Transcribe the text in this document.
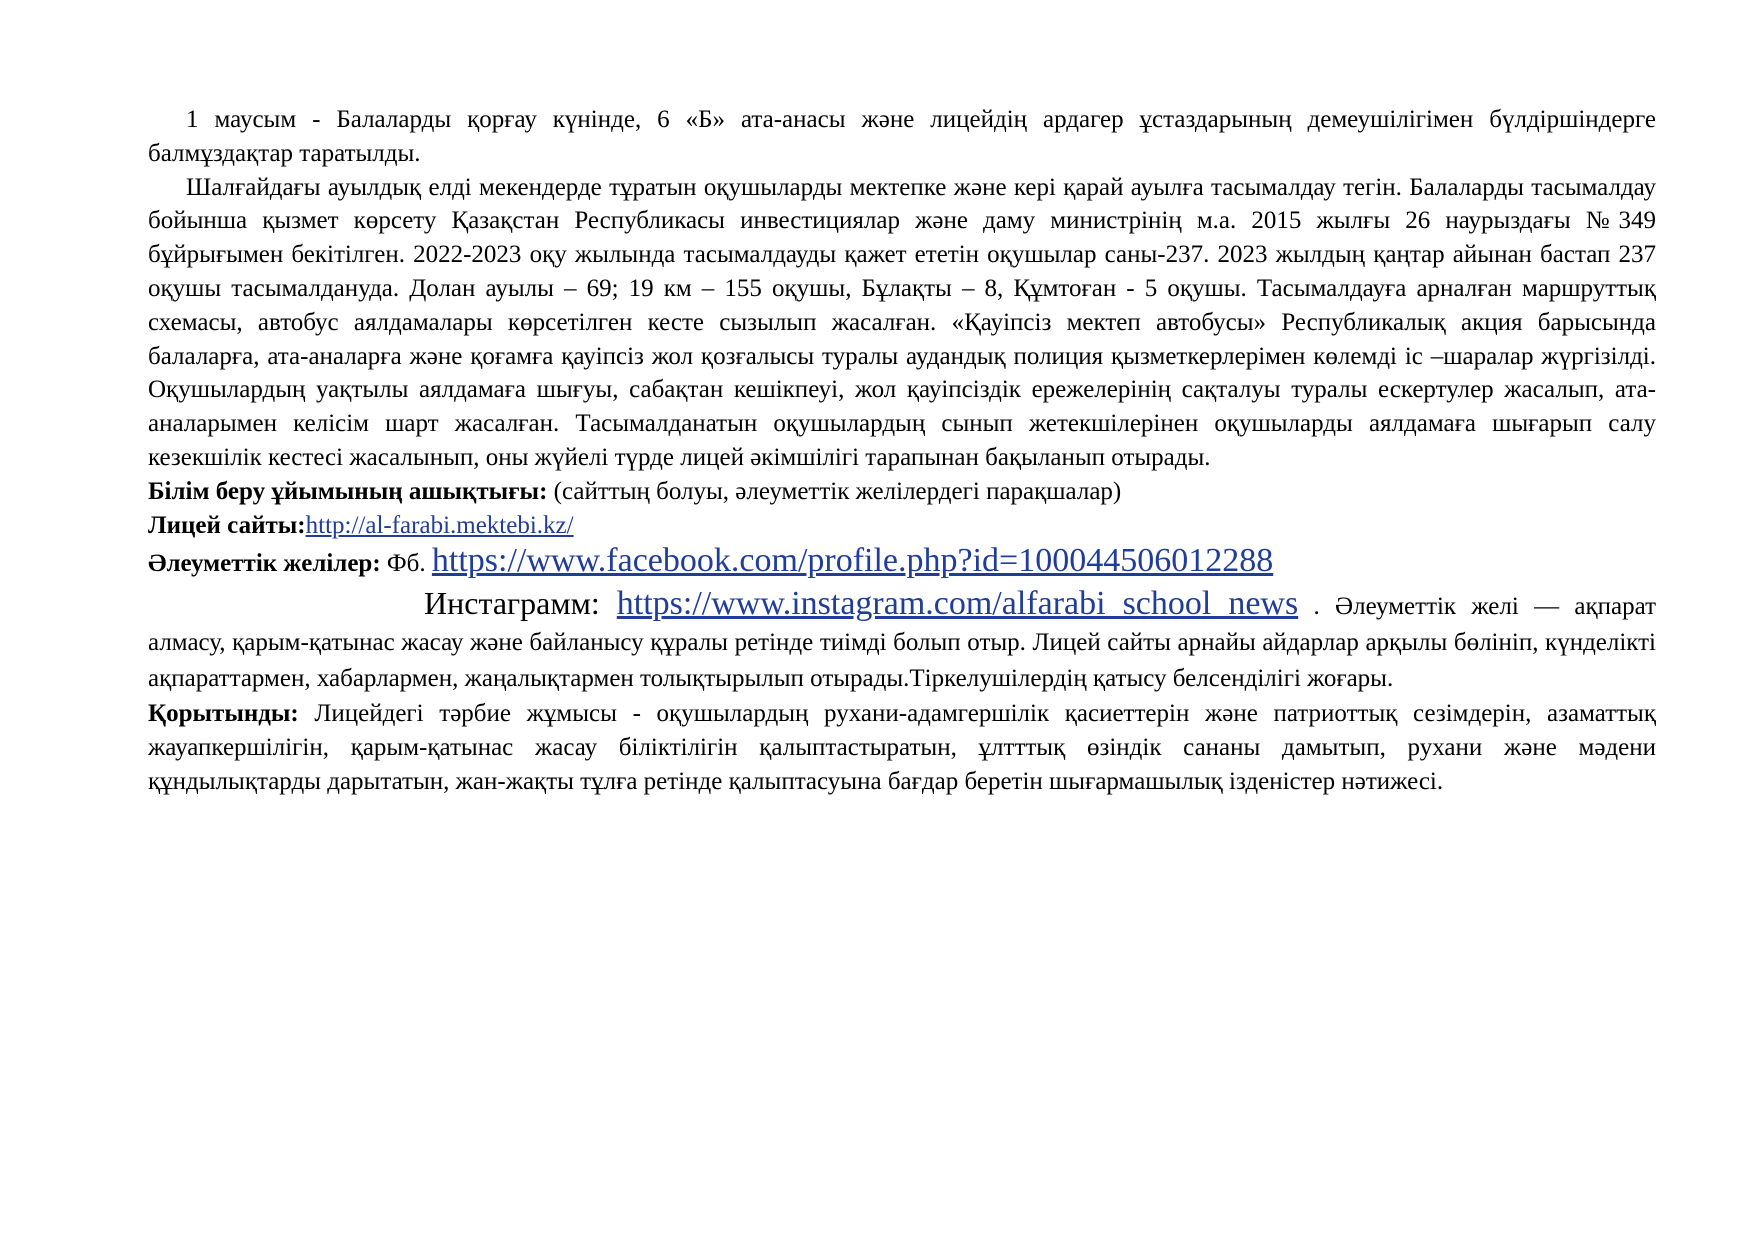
1 маусым - Балаларды қорғау күнінде, 6 «Б» ата-анасы және лицейдің ардагер ұстаздарының демеушілігімен бүлдіршіндерге балмұздақтар таратылды.

Шалғайдағы ауылдық елді мекендерде тұратын оқушыларды мектепке және кері қарай ауылға тасымалдау тегін. Балаларды тасымалдау бойынша қызмет көрсету Қазақстан Республикасы инвестициялар және даму министрінің м.а. 2015 жылғы 26 наурыздағы №349 бұйрығымен бекітілген. 2022-2023 оқу жылында тасымалдауды қажет ететін оқушылар саны-237. 2023 жылдың қаңтар айынан бастап 237 оқушы тасымалдануда. Долан ауылы – 69; 19 км – 155 оқушы, Бұлақты – 8, Құмтоған - 5 оқушы. Тасымалдауға арналған маршруттық схемасы, автобус аялдамалары көрсетілген кесте сызылып жасалған. «Қауіпсіз мектеп автобусы» Республикалық акция барысында балаларға, ата-аналарға және қоғамға қауіпсіз жол қозғалысы туралы аудандық полиция қызметкерлерімен көлемді іс –шаралар жүргізілді. Оқушылардың уақтылы аялдамаға шығуы, сабақтан кешікпеуі, жол қауіпсіздік ережелерінің сақталуы туралы ескертулер жасалып, ата-аналарымен келісім шарт жасалған. Тасымалданатын оқушылардың сынып жетекшілерінен оқушыларды аялдамаға шығарып салу кезекшілік кестесі жасалынып, оны жүйелі түрде лицей әкімшілігі тарапынан бақыланып отырады.

Білім беру ұйымының ашықтығы: (сайттың болуы, әлеуметтік желілердегі парақшалар)

Лицей сайты:http://al-farabi.mektebi.kz/

Әлеуметтік желілер: Фб. https://www.facebook.com/profile.php?id=100044506012288

Инстаграмм: https://www.instagram.com/alfarabi_school_news . Әлеуметтік желі — ақпарат алмасу, қарым-қатынас жасау және байланысу құралы ретінде тиімді болып отыр. Лицей сайты арнайы айдарлар арқылы бөлініп, күнделікті ақпараттармен, хабарлармен, жаңалықтармен толықтырылып отырады.Тіркелушілердің қатысу белсенділігі жоғары.

Қорытынды: Лицейдегі тәрбие жұмысы - оқушылардың рухани-адамгершілік қасиеттерін және патриоттық сезімдерін, азаматтық жауапкершілігін, қарым-қатынас жасау біліктілігін қалыптастыратын, ұлтттық өзіндік сананы дамытып, рухани және мәдени құндылықтарды дарытатын, жан-жақты тұлға ретінде қалыптасуына бағдар беретін шығармашылық ізденістер нәтижесі.
